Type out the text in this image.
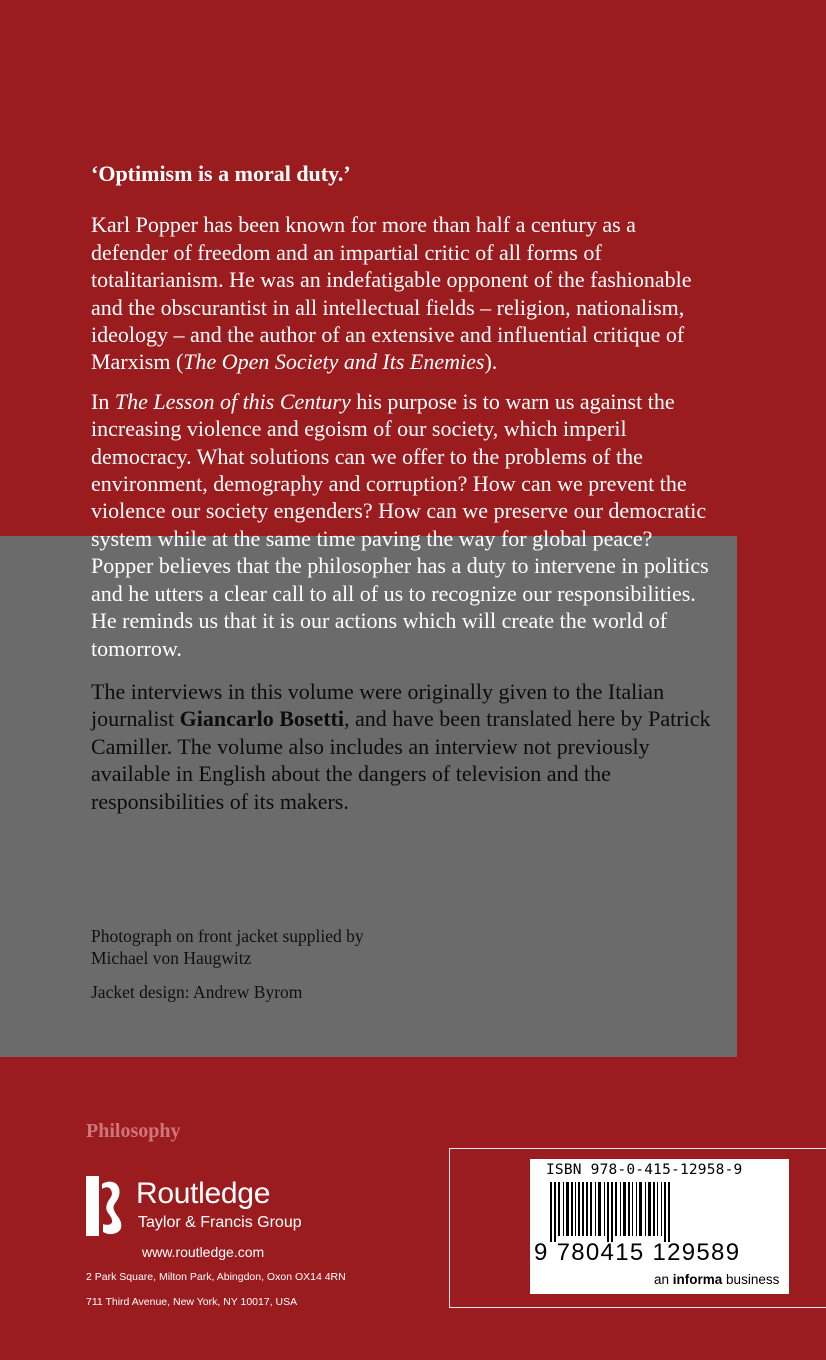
‘Optimism is a moral duty.’

Karl Popper has been known for more than half a century as a defender of freedom and an impartial critic of all forms of totalitarianism. He was an indefatigable opponent of the fashionable and the obscurantist in all intellectual fields – religion, nationalism, ideology – and the author of an extensive and influential critique of Marxism (The Open Society and Its Enemies).

In The Lesson of this Century his purpose is to warn us against the increasing violence and egoism of our society, which imperil democracy. What solutions can we offer to the problems of the environment, demography and corruption? How can we prevent the violence our society engenders? How can we preserve our democratic system while at the same time paving the way for global peace? Popper believes that the philosopher has a duty to intervene in politics and he utters a clear call to all of us to recognize our responsibilities. He reminds us that it is our actions which will create the world of tomorrow.

The interviews in this volume were originally given to the Italian journalist Giancarlo Bosetti, and have been translated here by Patrick Camiller. The volume also includes an interview not previously available in English about the dangers of television and the responsibilities of its makers.

Photograph on front jacket supplied by
Michael von Haugwitz
Jacket design: Andrew Byrom
Philosophy
ROUTLEDGE Routledge
Taylor & Francis Group
www.routledge.com
2 Park Square, Milton Park, Abingdon, Oxon OX14 4RN
711 Third Avenue, New York, NY 10017, USA
ISBN 978-0-415-12958-9
9 780415 129589
an informa business
